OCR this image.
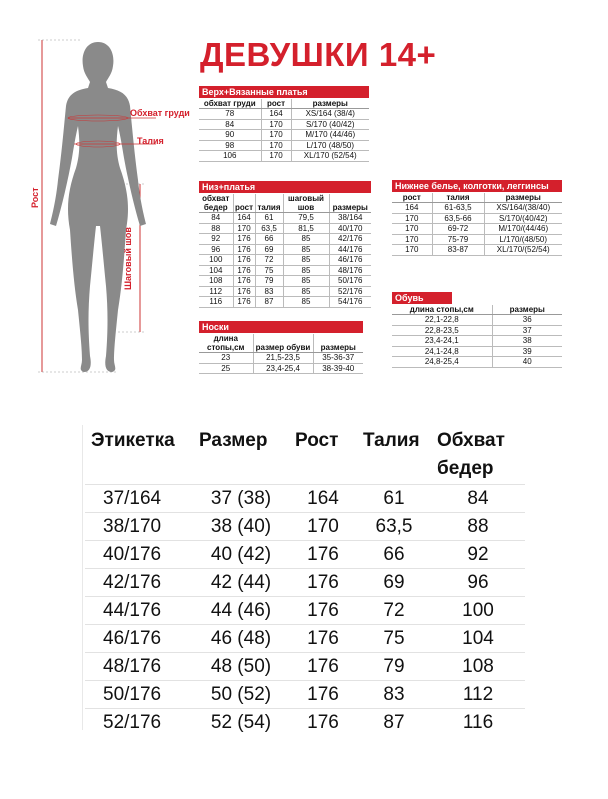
Обхват груди
Талия
Рост
Шаговый шов
ДЕВУШКИ 14+
Верх+Вязанные платья
обхват груди	рост	размеры
78	164	XS/164 (38/4)
84	170	S/170 (40/42)
90	170	M/170 (44/46)
98	170	L/170 (48/50)
106	170	XL/170 (52/54)
Низ+платья
обхват бедер	рост	талия	шаговый шов	размеры
84	164	61	79,5	38/164
88	170	63,5	81,5	40/170
92	176	66	85	42/176
96	176	69	85	44/176
100	176	72	85	46/176
104	176	75	85	48/176
108	176	79	85	50/176
112	176	83	85	52/176
116	176	87	85	54/176
Носки
длина стопы,см	размер обуви	размеры
23	21,5-23,5	35-36-37
25	23,4-25,4	38-39-40
Нижнее белье, колготки, леггинсы
рост	талия	размеры
164	61-63,5	XS/164/(38/40)
170	63,5-66	S/170/(40/42)
170	69-72	M/170/(44/46)
170	75-79	L/170/(48/50)
170	83-87	XL/170/(52/54)
Обувь
длина стопы,см	размеры
22,1-22,8	36
22,8-23,5	37
23,4-24,1	38
24,1-24,8	39
24,8-25,4	40
Этикетка	Размер	Рост	Талия	Обхват бедер
37/164	37 (38)	164	61	84
38/170	38 (40)	170	63,5	88
40/176	40 (42)	176	66	92
42/176	42 (44)	176	69	96
44/176	44 (46)	176	72	100
46/176	46 (48)	176	75	104
48/176	48 (50)	176	79	108
50/176	50 (52)	176	83	112
52/176	52 (54)	176	87	116
